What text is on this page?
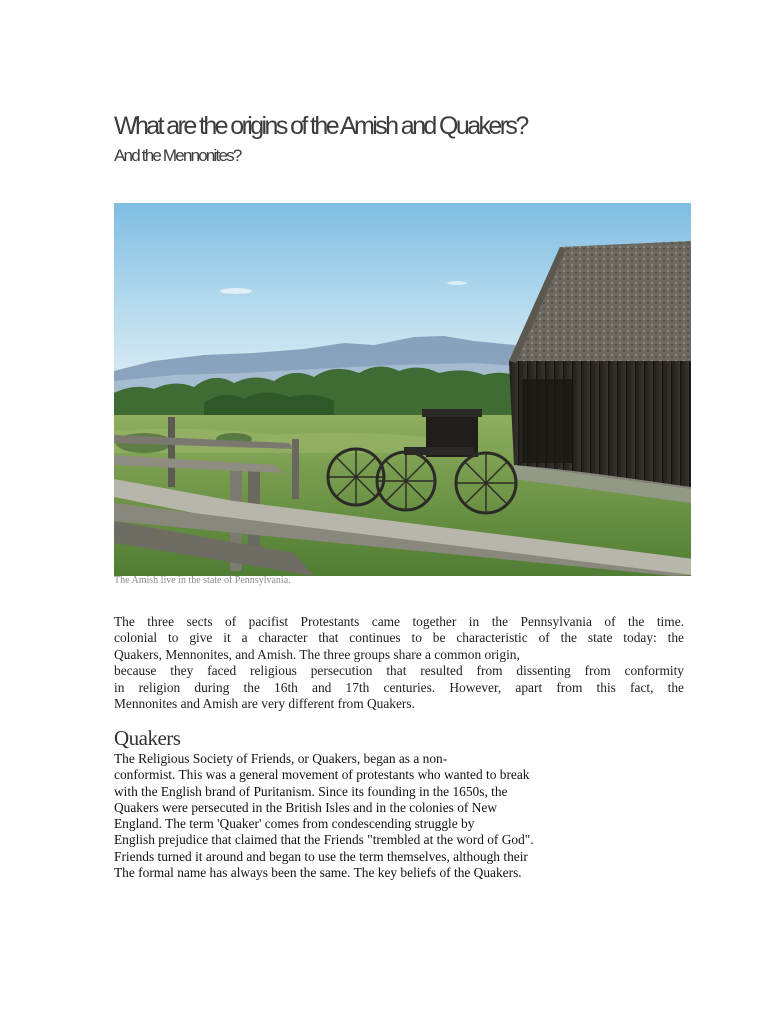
What are the origins of the Amish and Quakers?
And the Mennonites?
The Amish live in the state of Pennsylvania.

The three sects of pacifist Protestants came together in the Pennsylvania of the time.
colonial to give it a character that continues to be characteristic of the state today: the
Quakers, Mennonites, and Amish. The three groups share a common origin,
because they faced religious persecution that resulted from dissenting from conformity
in religion during the 16th and 17th centuries. However, apart from this fact, the
Mennonites and Amish are very different from Quakers.

Quakers

The Religious Society of Friends, or Quakers, began as a non-
conformist. This was a general movement of protestants who wanted to break
with the English brand of Puritanism. Since its founding in the 1650s, the
Quakers were persecuted in the British Isles and in the colonies of New
England. The term 'Quaker' comes from condescending struggle by
English prejudice that claimed that the Friends "trembled at the word of God".
Friends turned it around and began to use the term themselves, although their
The formal name has always been the same. The key beliefs of the Quakers.
